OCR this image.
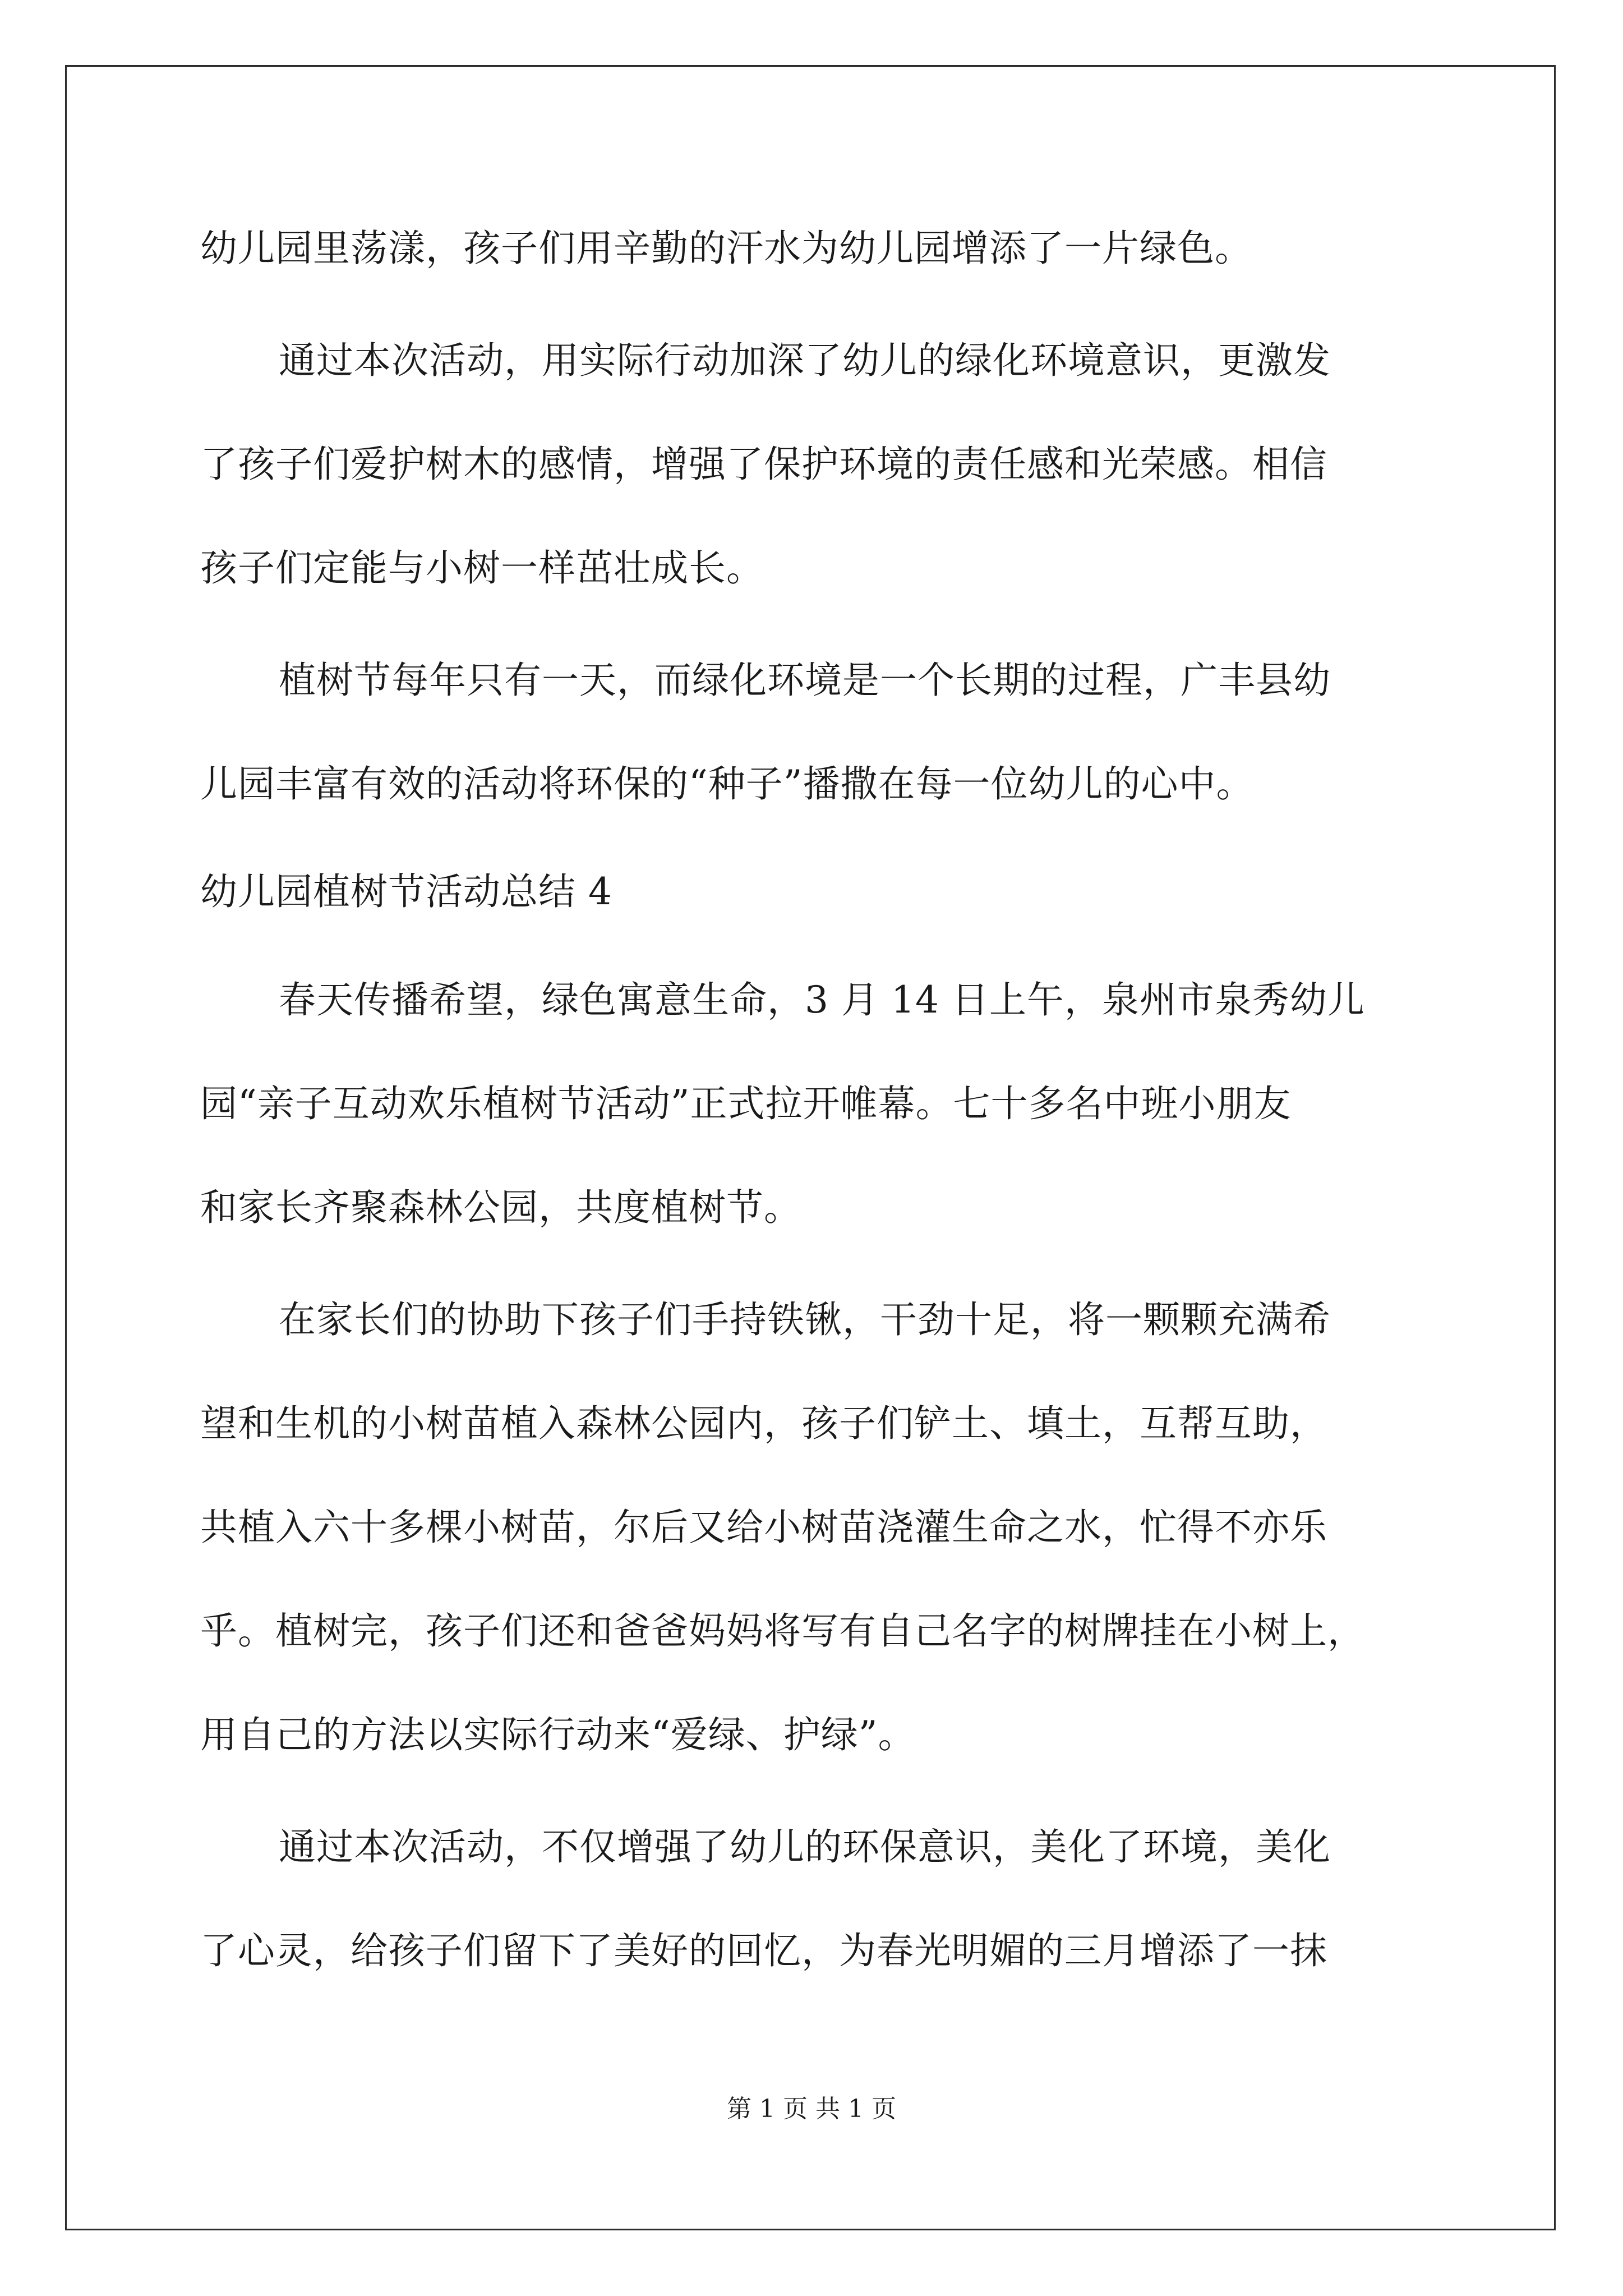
幼儿园里荡漾，孩子们用辛勤的汗水为幼儿园增添了一片绿色。
通过本次活动，用实际行动加深了幼儿的绿化环境意识，更激发
了孩子们爱护树木的感情，增强了保护环境的责任感和光荣感。相信
孩子们定能与小树一样茁壮成长。
植树节每年只有一天，而绿化环境是一个长期的过程，广丰县幼
儿园丰富有效的活动将环保的“种子”播撒在每一位幼儿的心中。
幼儿园植树节活动总结 4
春天传播希望，绿色寓意生命，3 月 14 日上午，泉州市泉秀幼儿
园“亲子互动欢乐植树节活动”正式拉开帷幕。七十多名中班小朋友
和家长齐聚森林公园，共度植树节。
在家长们的协助下孩子们手持铁锹，干劲十足，将一颗颗充满希
望和生机的小树苗植入森林公园内，孩子们铲土、填土，互帮互助，
共植入六十多棵小树苗，尔后又给小树苗浇灌生命之水，忙得不亦乐
乎。植树完，孩子们还和爸爸妈妈将写有自己名字的树牌挂在小树上，
用自己的方法以实际行动来“爱绿、护绿”。
通过本次活动，不仅增强了幼儿的环保意识，美化了环境，美化
了心灵，给孩子们留下了美好的回忆，为春光明媚的三月增添了一抹
第 1 页 共 1 页
